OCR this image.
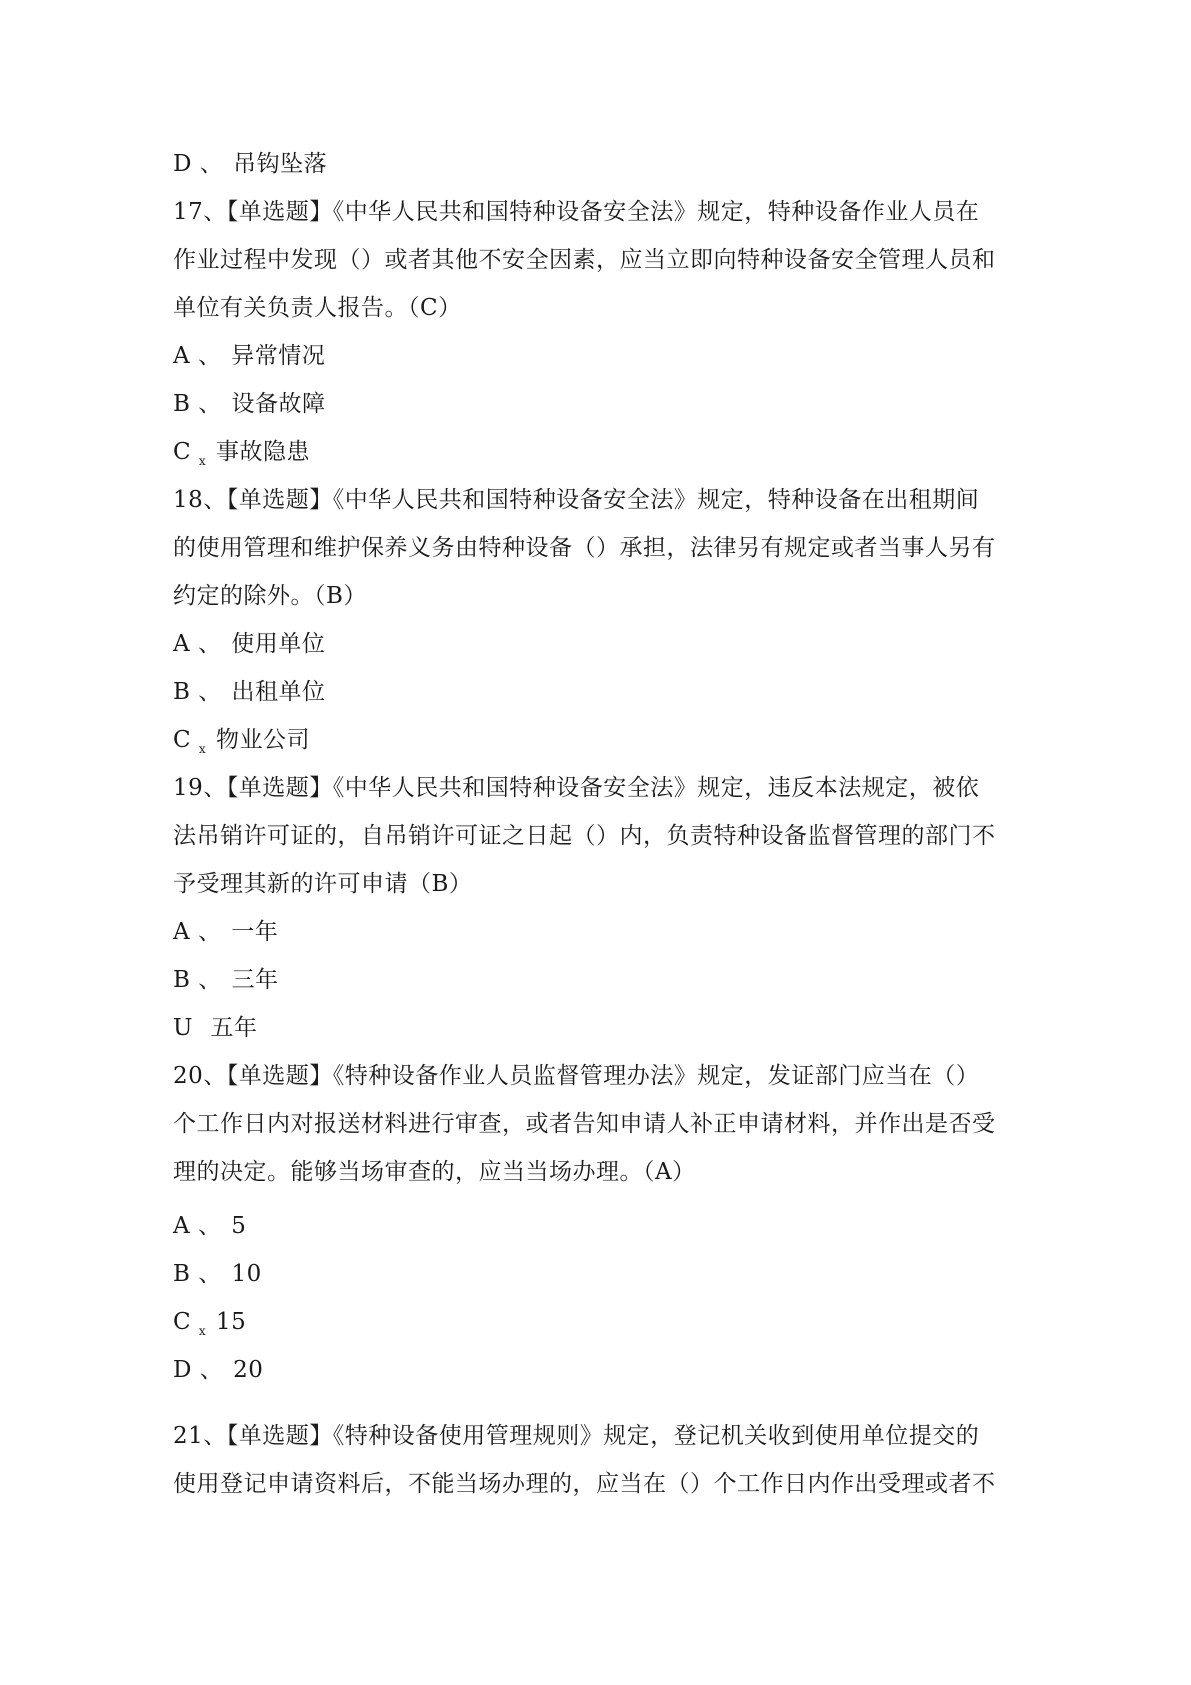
D 、 吊钩坠落
17、【单选题】《中华人民共和国特种设备安全法》规定，特种设备作业人员在
作业过程中发现（）或者其他不安全因素，应当立即向特种设备安全管理人员和
单位有关负责人报告。（C）
A 、 异常情况
B 、 设备故障
C $_x$ 事故隐患
18、【单选题】《中华人民共和国特种设备安全法》规定，特种设备在出租期间
的使用管理和维护保养义务由特种设备（）承担，法律另有规定或者当事人另有
约定的除外。（B）
A 、 使用单位
B 、 出租单位
C $_x$ 物业公司
19、【单选题】《中华人民共和国特种设备安全法》规定，违反本法规定，被依
法吊销许可证的，自吊销许可证之日起（）内，负责特种设备监督管理的部门不
予受理其新的许可申请（B）
A 、 一年
B 、 三年
U 五年
20、【单选题】《特种设备作业人员监督管理办法》规定，发证部门应当在（）
个工作日内对报送材料进行审查，或者告知申请人补正申请材料，并作出是否受
理的决定。能够当场审查的，应当当场办理。（A）
A 、 5
B 、 10
C $_x$ 15
D 、 20
21、【单选题】《特种设备使用管理规则》规定，登记机关收到使用单位提交的
使用登记申请资料后，不能当场办理的，应当在（）个工作日内作出受理或者不
